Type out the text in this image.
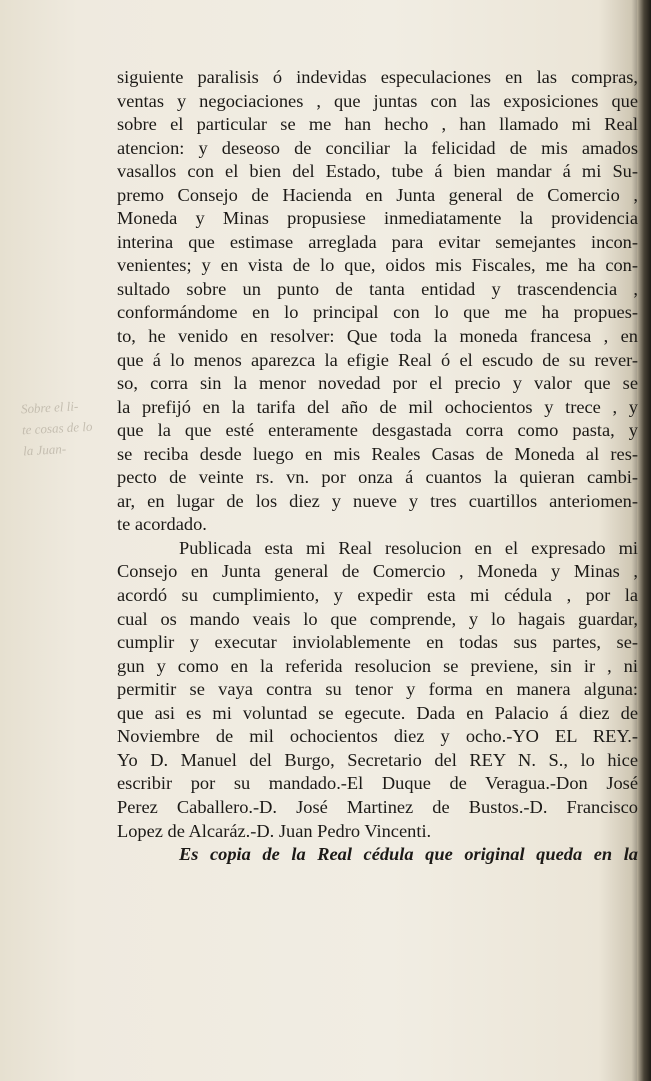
Sobre el li-
te cosas de lo
la Juan-
siguiente paralisis ó indevidas especulaciones en las compras,
ventas y negociaciones , que juntas con las exposiciones que
sobre el particular se me han hecho , han llamado mi Real
atencion: y deseoso de conciliar la felicidad de mis amados
vasallos con el bien del Estado, tube á bien mandar á mi Su-
premo Consejo de Hacienda en Junta general de Comercio ,
Moneda y Minas propusiese inmediatamente la providencia
interina que estimase arreglada para evitar semejantes incon-
venientes; y en vista de lo que, oidos mis Fiscales, me ha con-
sultado sobre un punto de tanta entidad y trascendencia ,
conformándome en lo principal con lo que me ha propues-
to, he venido en resolver: Que toda la moneda francesa , en
que á lo menos aparezca la efigie Real ó el escudo de su rever-
so, corra sin la menor novedad por el precio y valor que se
la prefijó en la tarifa del año de mil ochocientos y trece , y
que la que esté enteramente desgastada corra como pasta, y
se reciba desde luego en mis Reales Casas de Moneda al res-
pecto de veinte rs. vn. por onza á cuantos la quieran cambi-
ar, en lugar de los diez y nueve y tres cuartillos anteriomen-
te acordado.
Publicada esta mi Real resolucion en el expresado mi
Consejo en Junta general de Comercio , Moneda y Minas ,
acordó su cumplimiento, y expedir esta mi cédula , por la
cual os mando veais lo que comprende, y lo hagais guardar,
cumplir y executar inviolablemente en todas sus partes, se-
gun y como en la referida resolucion se previene, sin ir , ni
permitir se vaya contra su tenor y forma en manera alguna:
que asi es mi voluntad se egecute. Dada en Palacio á diez de
Noviembre de mil ochocientos diez y ocho.-YO EL REY.-
Yo D. Manuel del Burgo, Secretario del REY N. S., lo hice
escribir por su mandado.-El Duque de Veragua.-Don José
Perez Caballero.-D. José Martinez de Bustos.-D. Francisco
Lopez de Alcaráz.-D. Juan Pedro Vincenti.
Es copia de la Real cédula que original queda en la
